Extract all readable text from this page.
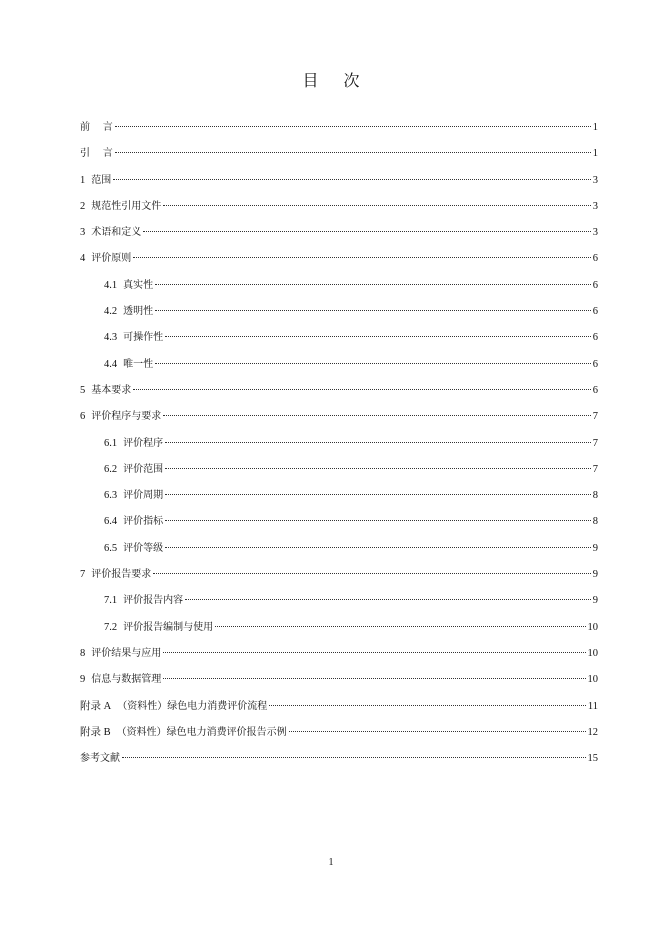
目 次
前    言	1
引    言	1
1 范围	3
2 规范性引用文件	3
3 术语和定义	3
4 评价原则	6
4.1 真实性	6
4.2 透明性	6
4.3 可操作性	6
4.4 唯一性	6
5 基本要求	6
6 评价程序与要求	7
6.1 评价程序	7
6.2 评价范围	7
6.3 评价周期	8
6.4 评价指标	8
6.5 评价等级	9
7 评价报告要求	9
7.1 评价报告内容	9
7.2 评价报告编制与使用	10
8 评价结果与应用	10
9 信息与数据管理	10
附录 A （资料性）绿色电力消费评价流程	11
附录 B （资料性）绿色电力消费评价报告示例	12
参考文献	15
1
